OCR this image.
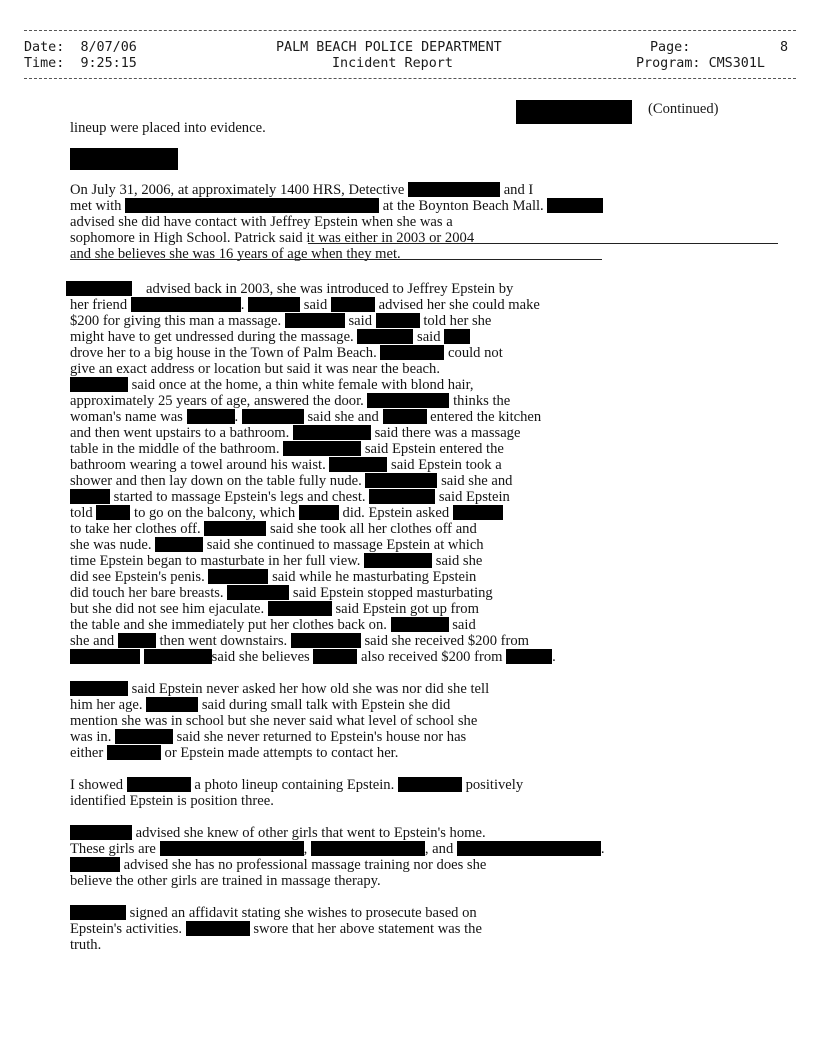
Date: 8/07/06
Time: 9:25:15
PALM BEACH POLICE DEPARTMENT
Incident Report
Page:	8
Program: CMS301L
(Continued)
lineup were placed into evidence.
On July 31, 2006, at approximately 1400 HRS, Detective	and I
met with	at the Boynton Beach Mall.
advised she did have contact with Jeffrey Epstein when she was a
sophomore in High School. Patrick said it was either in 2003 or 2004
and she believes she was 16 years of age when they met.
advised back in 2003, she was introduced to Jeffrey Epstein by
her friend	.	said	advised her she could make
$200 for giving this man a massage.	said	told her she
might have to get undressed during the massage.	said
drove her to a big house in the Town of Palm Beach.	could not
give an exact address or location but said it was near the beach.
said once at the home, a thin white female with blond hair,
approximately 25 years of age, answered the door.	thinks the
woman's name was	.	said she and	entered the kitchen
and then went upstairs to a bathroom.	said there was a massage
table in the middle of the bathroom.	said Epstein entered the
bathroom wearing a towel around his waist.	said Epstein took a
shower and then lay down on the table fully nude.	said she and
started to massage Epstein's legs and chest.	said Epstein
told	to go on the balcony, which	did. Epstein asked
to take her clothes off.	said she took all her clothes off and
she was nude.	said she continued to massage Epstein at which
time Epstein began to masturbate in her full view.	said she
did see Epstein's penis.	said while he masturbating Epstein
did touch her bare breasts.	said Epstein stopped masturbating
but she did not see him ejaculate.	said Epstein got up from
the table and she immediately put her clothes back on.	said
she and	then went downstairs.	said she received $200 from
said she believes	also received $200 from	.
said Epstein never asked her how old she was nor did she tell
him her age.	said during small talk with Epstein she did
mention she was in school but she never said what level of school she
was in.	said she never returned to Epstein's house nor has
either	or Epstein made attempts to contact her.
I showed	a photo lineup containing Epstein.	positively
identified Epstein is position three.
advised she knew of other girls that went to Epstein's home.
These girls are	,	, and	.
advised she has no professional massage training nor does she
believe the other girls are trained in massage therapy.
signed an affidavit stating she wishes to prosecute based on
Epstein's activities.	swore that her above statement was the
truth.
